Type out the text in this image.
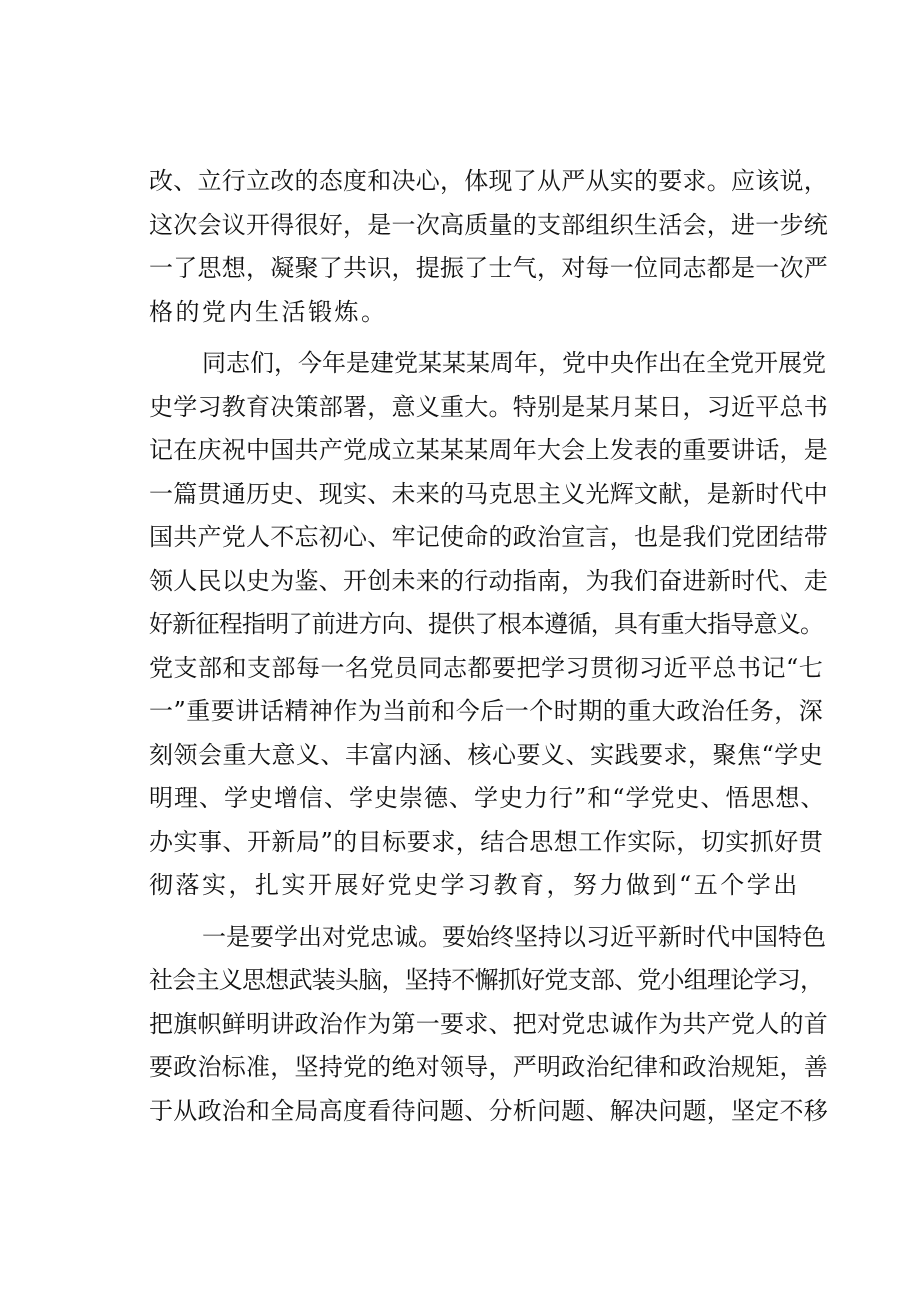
改、立行立改的态度和决心，体现了从严从实的要求。应该说，
这次会议开得很好，是一次高质量的支部组织生活会，进一步统
一了思想，凝聚了共识，提振了士气，对每一位同志都是一次严
格的党内生活锻炼。
同志们，今年是建党某某某周年，党中央作出在全党开展党
史学习教育决策部署，意义重大。特别是某月某日，习近平总书
记在庆祝中国共产党成立某某某周年大会上发表的重要讲话，是
一篇贯通历史、现实、未来的马克思主义光辉文献，是新时代中
国共产党人不忘初心、牢记使命的政治宣言，也是我们党团结带
领人民以史为鉴、开创未来的行动指南，为我们奋进新时代、走
好新征程指明了前进方向、提供了根本遵循，具有重大指导意义。
党支部和支部每一名党员同志都要把学习贯彻习近平总书记“七
一”重要讲话精神作为当前和今后一个时期的重大政治任务，深
刻领会重大意义、丰富内涵、核心要义、实践要求，聚焦“学史
明理、学史增信、学史崇德、学史力行”和“学党史、悟思想、
办实事、开新局”的目标要求，结合思想工作实际，切实抓好贯
彻落实，扎实开展好党史学习教育，努力做到“五个学出
一是要学出对党忠诚。要始终坚持以习近平新时代中国特色
社会主义思想武装头脑，坚持不懈抓好党支部、党小组理论学习，
把旗帜鲜明讲政治作为第一要求、把对党忠诚作为共产党人的首
要政治标准，坚持党的绝对领导，严明政治纪律和政治规矩，善
于从政治和全局高度看待问题、分析问题、解决问题，坚定不移
